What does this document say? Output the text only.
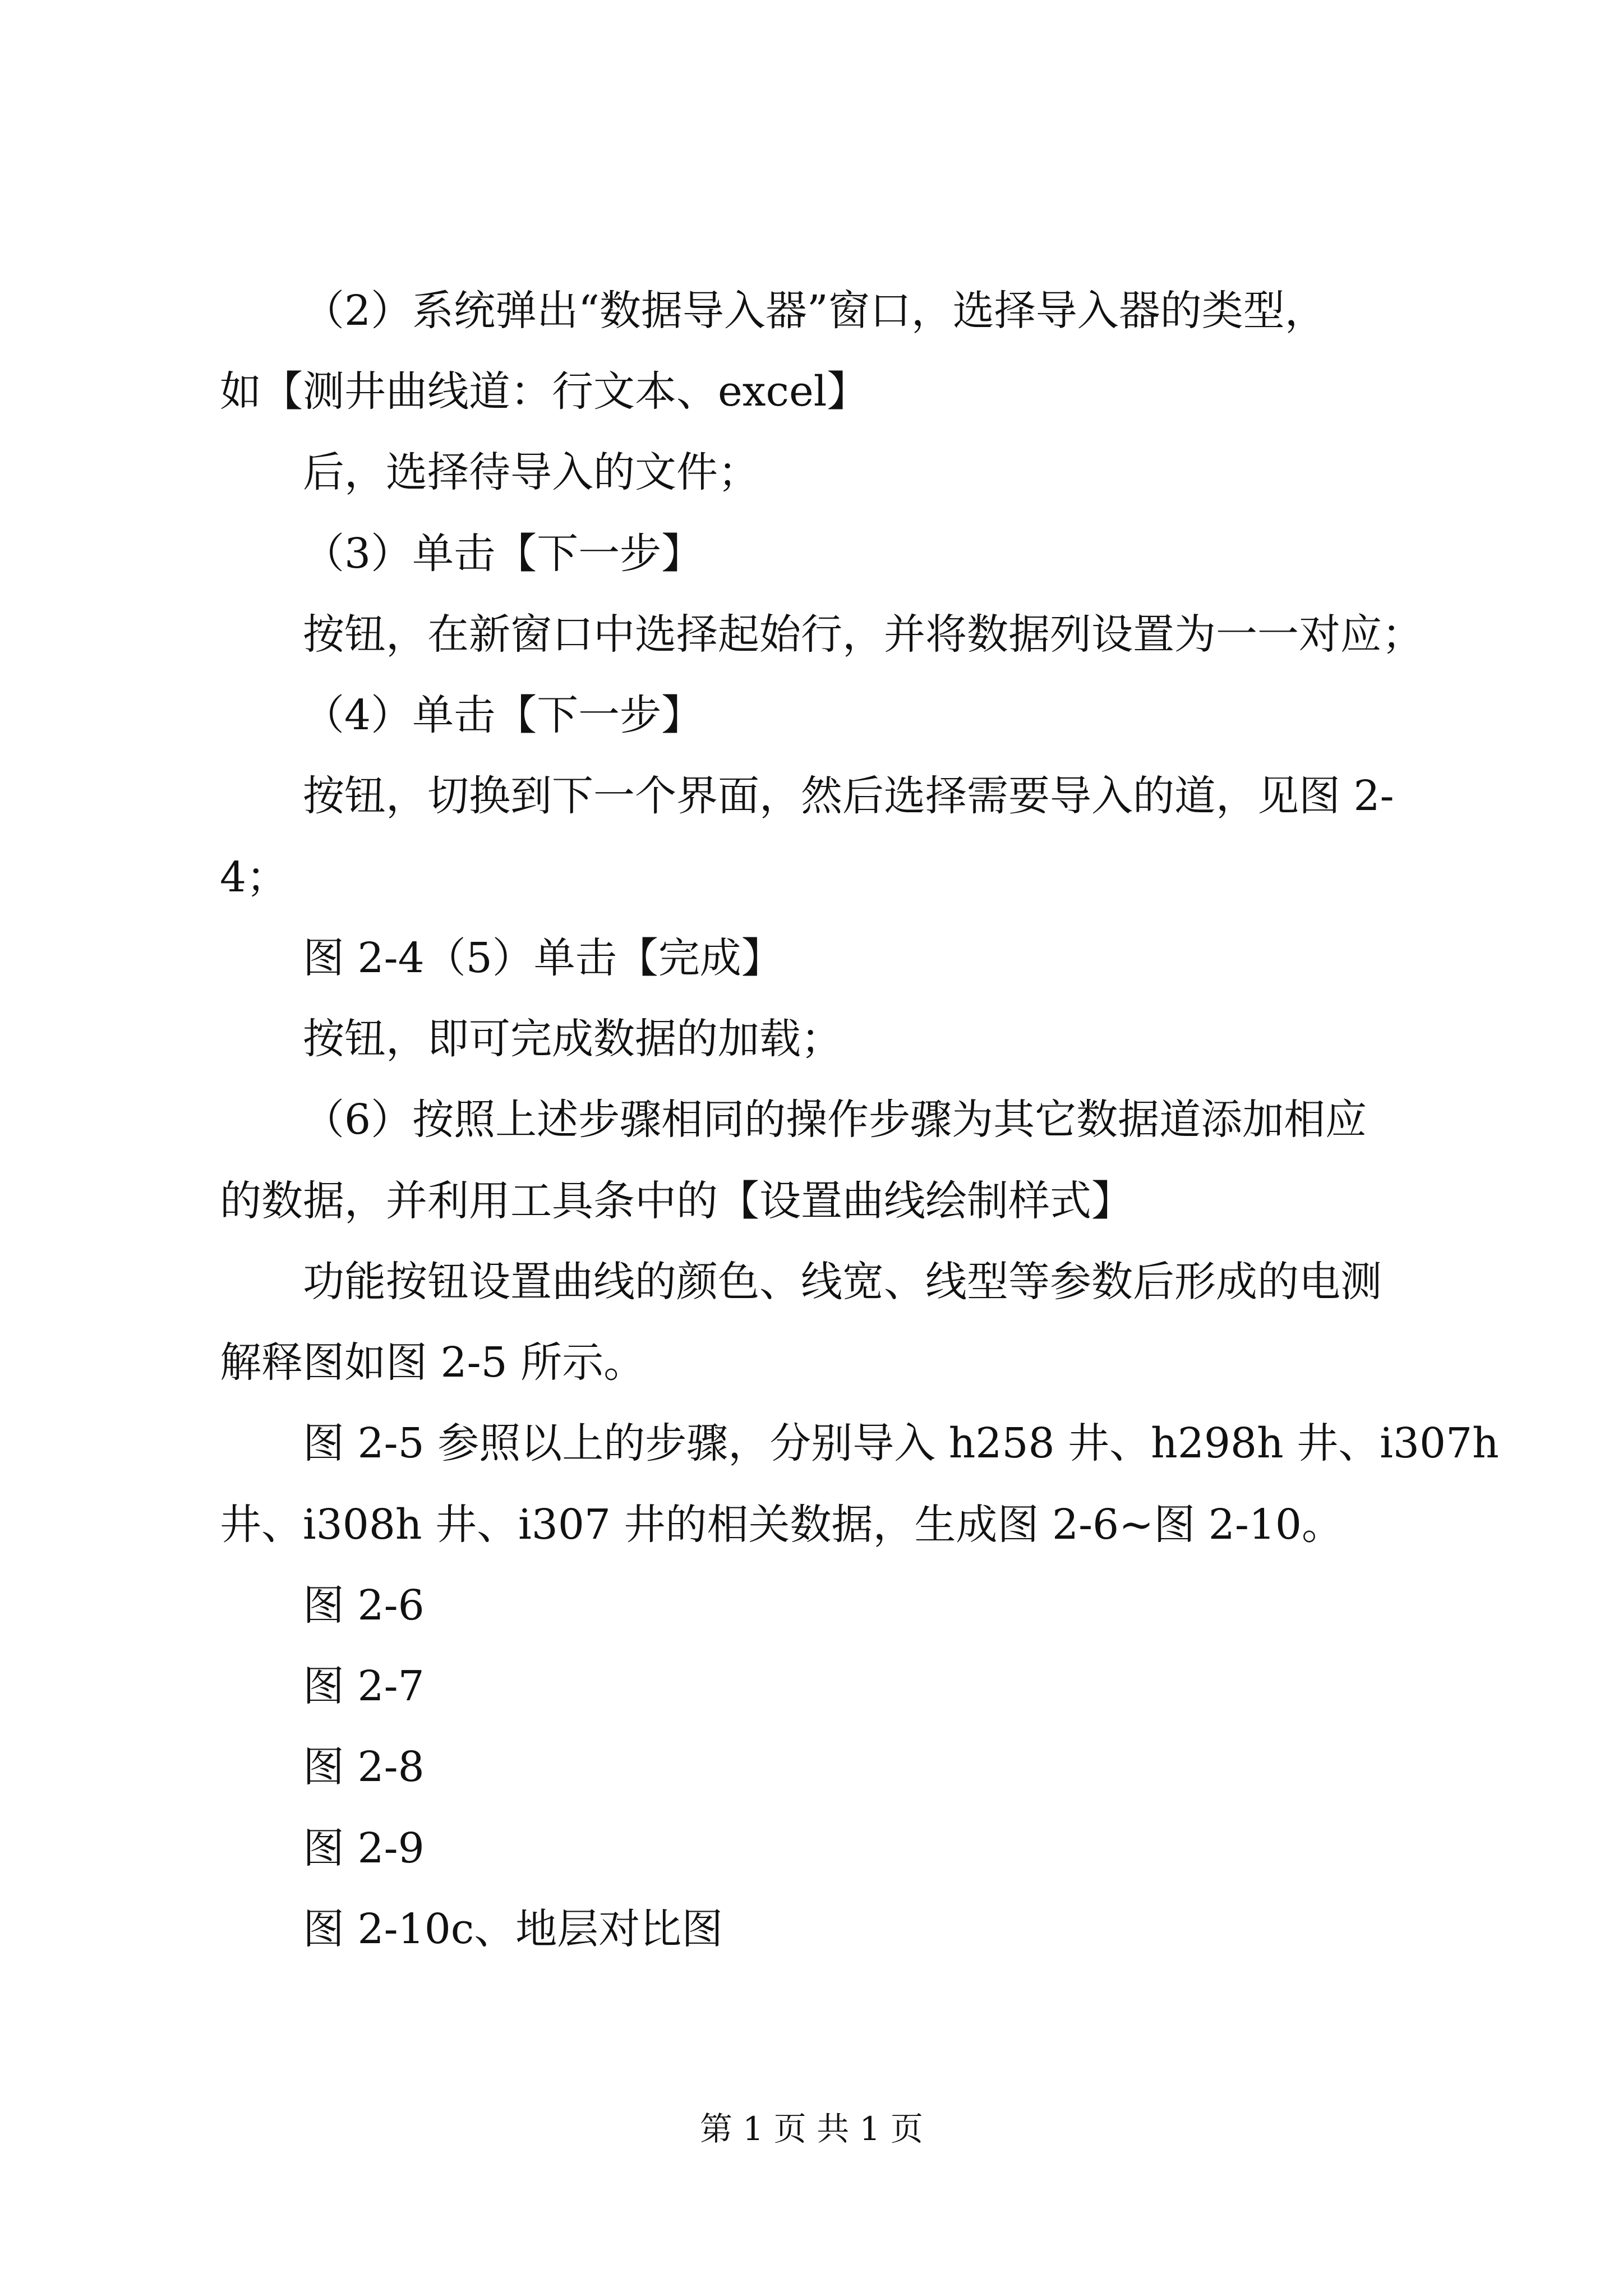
（2）系统弹出“数据导入器”窗口，选择导入器的类型，
如【测井曲线道：行文本、excel】
后，选择待导入的文件；
（3）单击【下一步】
按钮，在新窗口中选择起始行，并将数据列设置为一一对应；
（4）单击【下一步】
按钮，切换到下一个界面，然后选择需要导入的道，见图 2-
4；
图 2-4（5）单击【完成】
按钮，即可完成数据的加载；
（6）按照上述步骤相同的操作步骤为其它数据道添加相应
的数据，并利用工具条中的【设置曲线绘制样式】
功能按钮设置曲线的颜色、线宽、线型等参数后形成的电测
解释图如图 2-5 所示。
图 2-5 参照以上的步骤，分别导入 h258 井、h298h 井、i307h
井、i308h 井、i307 井的相关数据，生成图 2-6~图 2-10。
图 2-6
图 2-7
图 2-8
图 2-9
图 2-10c、地层对比图
第 1 页 共 1 页
